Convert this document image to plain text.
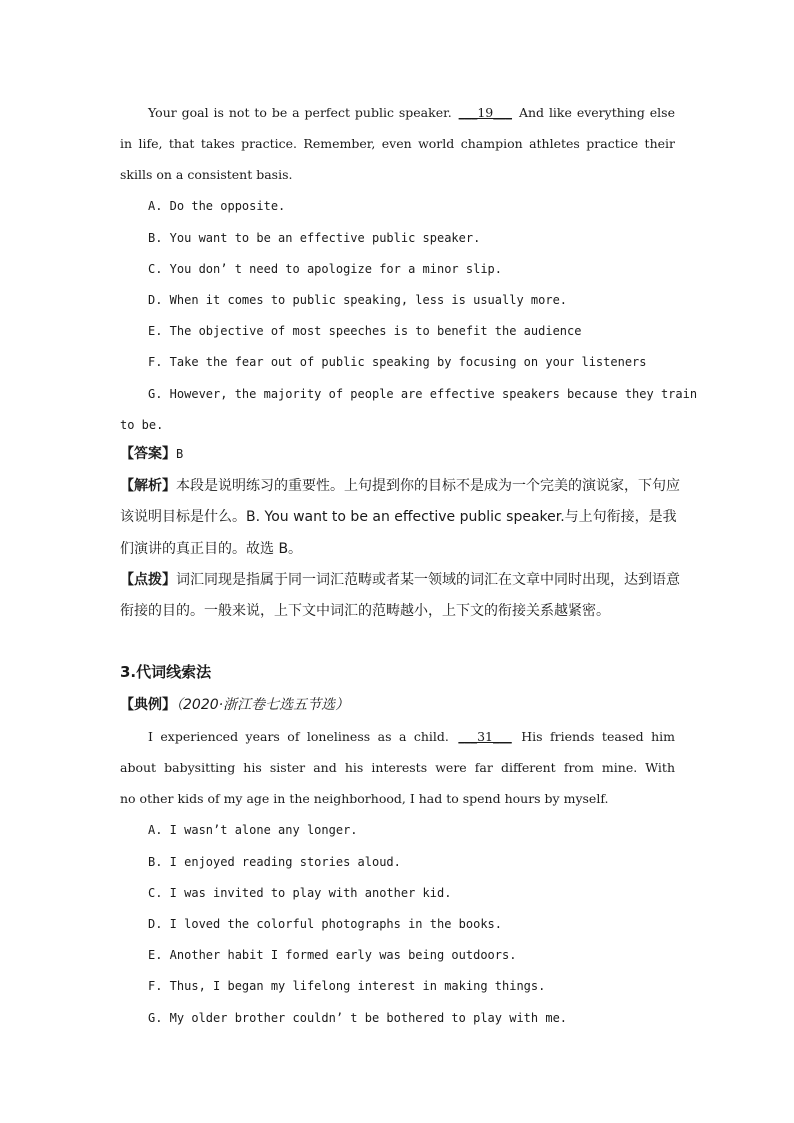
Your goal is not to be a perfect public speaker. ___19___ And like everything else
in life, that takes practice. Remember, even world champion athletes practice their
skills on a consistent basis.
A. Do the opposite.
B. You want to be an effective public speaker.
C. You don’ t need to apologize for a minor slip.
D. When it comes to public speaking, less is usually more.
E. The objective of most speeches is to benefit the audience
F. Take the fear out of public speaking by focusing on your listeners
G. However, the majority of people are effective speakers because they train
to be.
【答案】B
【解析】本段是说明练习的重要性。上句提到你的目标不是成为一个完美的演说家，下句应
该说明目标是什么。B. You want to be an effective public speaker.与上句衔接，是我
们演讲的真正目的。故选 B。
【点拨】词汇同现是指属于同一词汇范畴或者某一领域的词汇在文章中同时出现，达到语意
衔接的目的。一般来说，上下文中词汇的范畴越小，上下文的衔接关系越紧密。
3.代词线索法
【典例】（2020·浙江卷七选五节选）
I experienced years of loneliness as a child. ___31___ His friends teased him
about babysitting his sister and his interests were far different from mine. With
no other kids of my age in the neighborhood, I had to spend hours by myself.
A. I wasn’t alone any longer.
B. I enjoyed reading stories aloud.
C. I was invited to play with another kid.
D. I loved the colorful photographs in the books.
E. Another habit I formed early was being outdoors.
F. Thus, I began my lifelong interest in making things.
G. My older brother couldn’ t be bothered to play with me.
